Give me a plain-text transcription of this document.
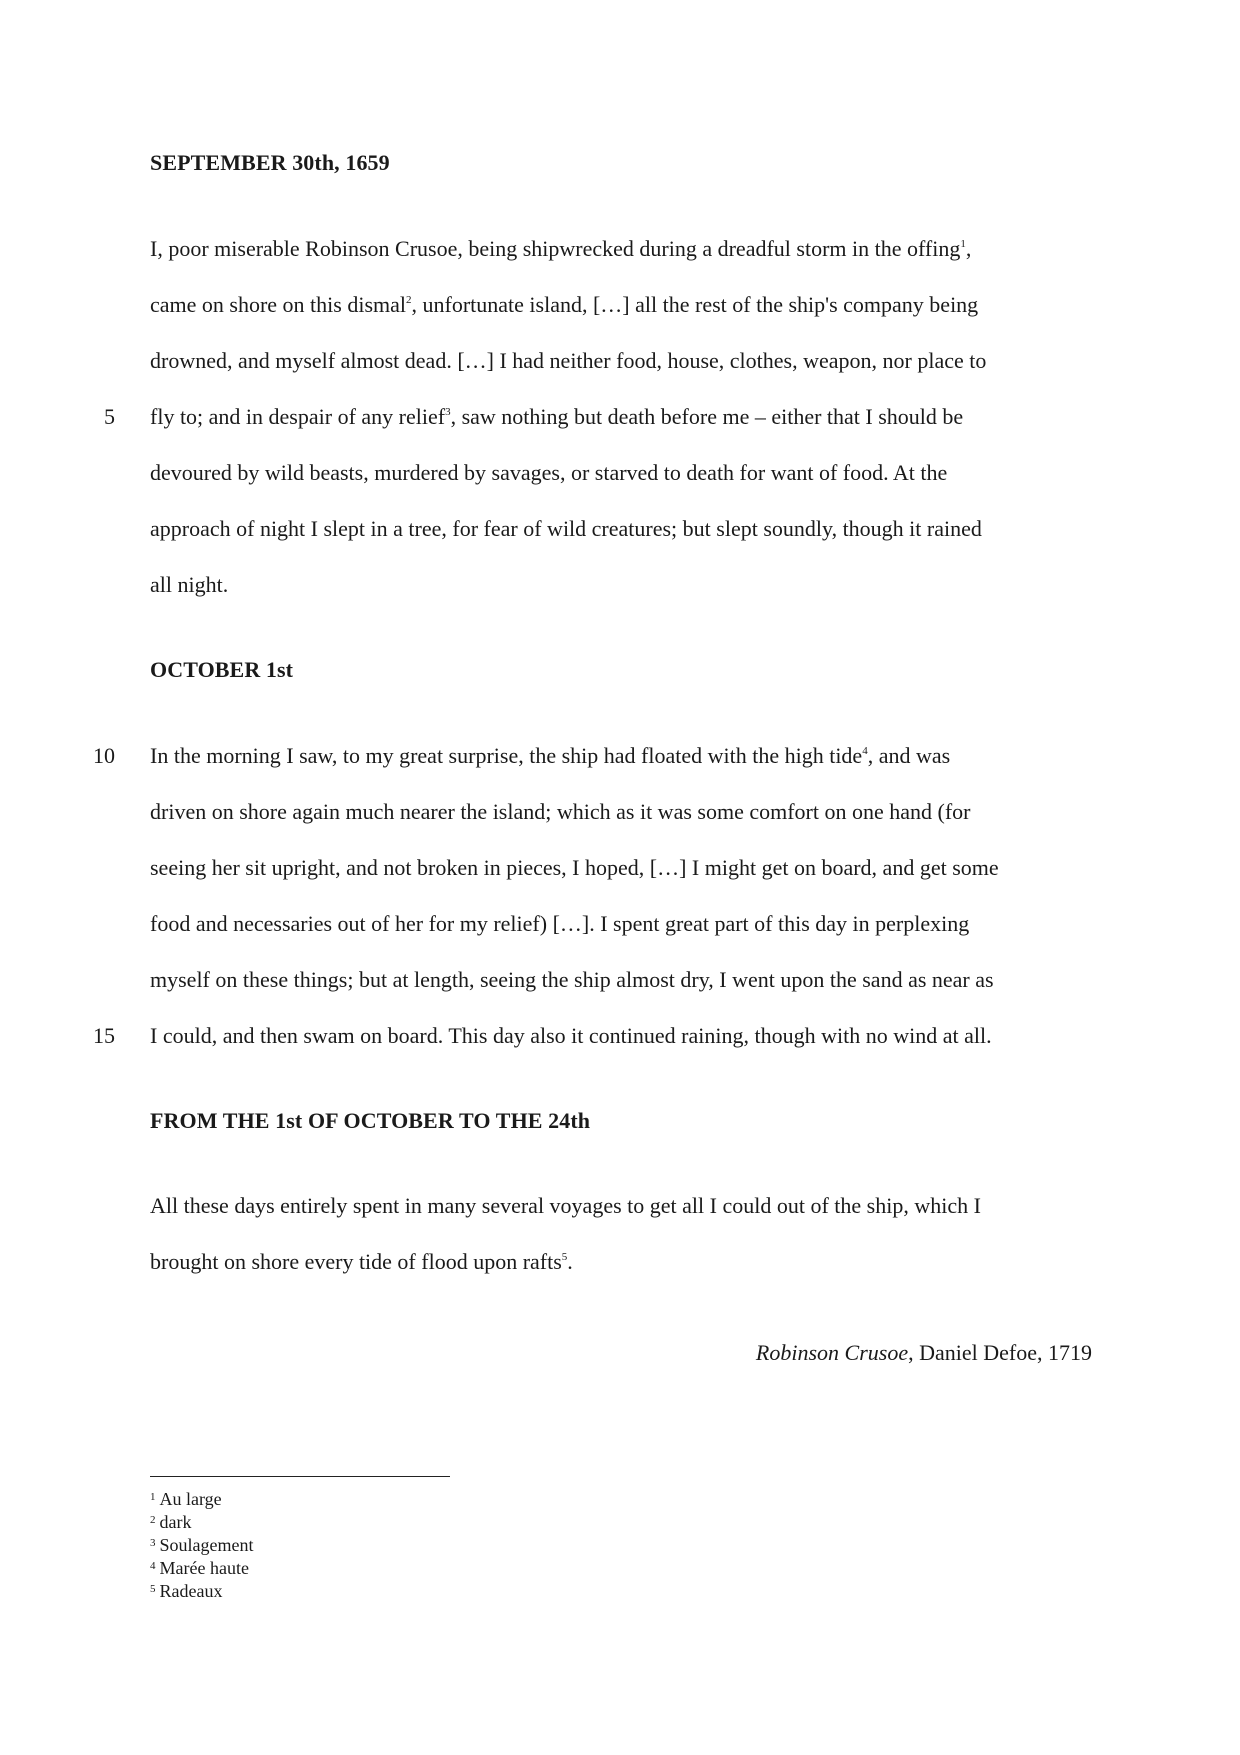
SEPTEMBER 30th, 1659
I, poor miserable Robinson Crusoe, being shipwrecked during a dreadful storm in the offing$^1$,
came on shore on this dismal$^2$, unfortunate island, […] all the rest of the ship's company being
drowned, and myself almost dead. […] I had neither food, house, clothes, weapon, nor place to
5 fly to; and in despair of any relief$^3$, saw nothing but death before me – either that I should be
devoured by wild beasts, murdered by savages, or starved to death for want of food. At the
approach of night I slept in a tree, for fear of wild creatures; but slept soundly, though it rained
all night.
OCTOBER 1st
10 In the morning I saw, to my great surprise, the ship had floated with the high tide$^4$, and was
driven on shore again much nearer the island; which as it was some comfort on one hand (for
seeing her sit upright, and not broken in pieces, I hoped, […] I might get on board, and get some
food and necessaries out of her for my relief) […]. I spent great part of this day in perplexing
myself on these things; but at length, seeing the ship almost dry, I went upon the sand as near as
15 I could, and then swam on board. This day also it continued raining, though with no wind at all.
FROM THE 1st OF OCTOBER TO THE 24th
All these days entirely spent in many several voyages to get all I could out of the ship, which I
brought on shore every tide of flood upon rafts$^5$.
Robinson Crusoe, Daniel Defoe, 1719
$^1$ Au large
$^2$ dark
$^3$ Soulagement
$^4$ Marée haute
$^5$ Radeaux
